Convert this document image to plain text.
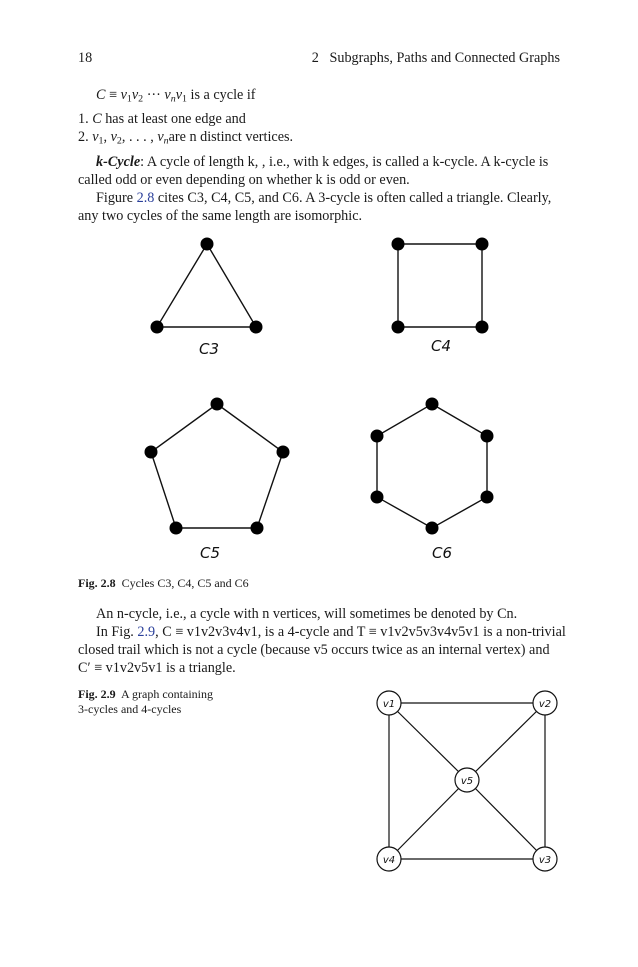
18	2   Subgraphs, Paths and Connected Graphs
$C \equiv v_1v_2$ ··· $v_nv_1$ is a cycle if
1. C has at least one edge and
2. $v_1$, $v_2$, . . . , $v_nare$ n distinct vertices.
k-Cycle: A cycle of length k, , i.e., with k edges, is called a k-cycle. A k-cycle is
called odd or even depending on whether k is odd or even.
Figure 2.8 cites C3, C4, C5, and C6. A 3-cycle is often called a triangle. Clearly,
any two cycles of the same length are isomorphic.
C3	C4
C5	C6
Fig. 2.8 Cycles C3, C4, C5 and C6
An n-cycle, i.e., a cycle with n vertices, will sometimes be denoted by Cn.
In Fig. 2.9, C ≡ v1v2v3v4v1, is a 4-cycle and T ≡ v1v2v5v3v4v5v1 is a non-trivial
closed trail which is not a cycle (because v5 occurs twice as an internal vertex) and
C′ ≡ v1v2v5v1 is a triangle.
Fig. 2.9 A graph containing
3-cycles and 4-cycles	v1	v2
v5
v4	v3
